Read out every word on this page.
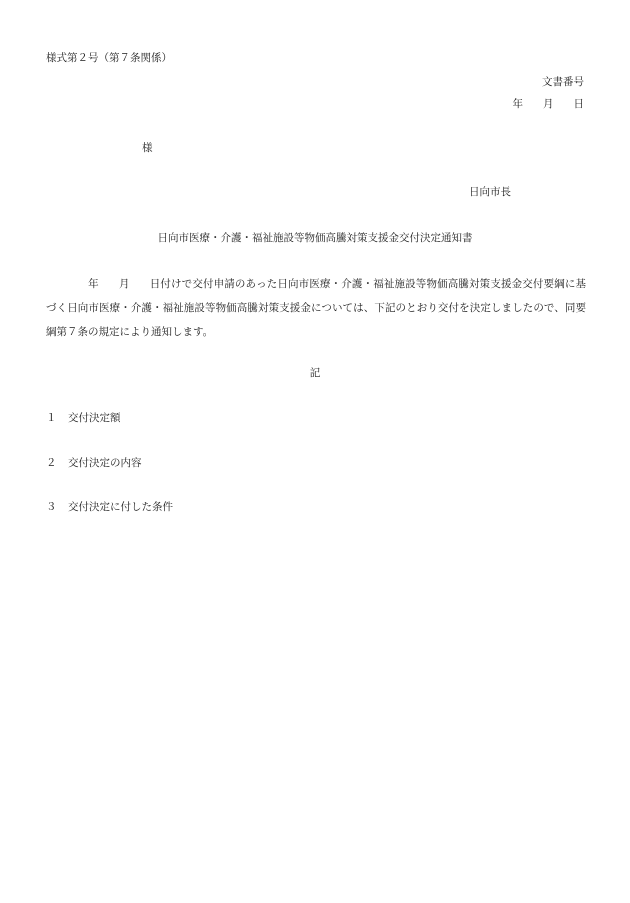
様式第２号（第７条関係）
文書番号
年 月 日
様
日向市長
日向市医療・介護・福祉施設等物価高騰対策支援金交付決定通知書
年 月 日付けで交付申請のあった日向市医療・介護・福祉施設等物価高騰対策支援金交付要綱に基づく日向市医療・介護・福祉施設等物価高騰対策支援金については、下記のとおり交付を決定しましたので、同要綱第７条の規定により通知します。
記
１ 交付決定額
２ 交付決定の内容
３ 交付決定に付した条件
